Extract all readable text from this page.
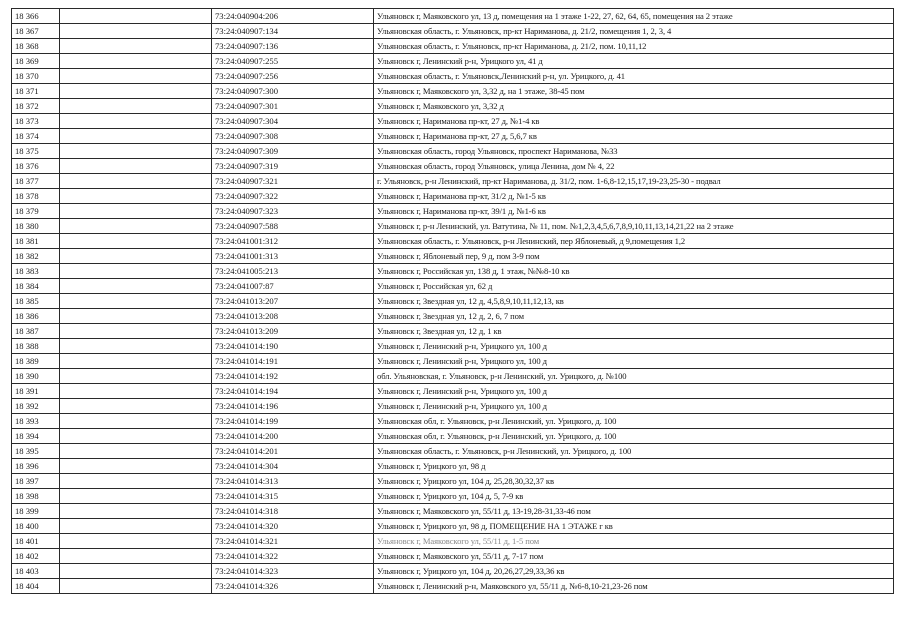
18 366		73:24:040904:206	Ульяновск г, Маяковского ул, 13 д, помещения на 1 этаже 1-22, 27, 62, 64, 65, помещения на 2 этаже
18 367		73:24:040907:134	Ульяновская область, г. Ульяновск, пр-кт Нариманова, д. 21/2, помещения 1, 2, 3, 4
18 368		73:24:040907:136	Ульяновская область, г. Ульяновск, пр-кт Нариманова, д. 21/2, пом. 10,11,12
18 369		73:24:040907:255	Ульяновск г, Ленинский р-н, Урицкого ул, 41 д
18 370		73:24:040907:256	Ульяновская область, г. Ульяновск,Ленинский р-н, ул. Урицкого, д. 41
18 371		73:24:040907:300	Ульяновск г, Маяковского ул, 3,32 д, на 1 этаже, 38-45 пом
18 372		73:24:040907:301	Ульяновск г, Маяковского ул, 3,32 д
18 373		73:24:040907:304	Ульяновск г, Нариманова пр-кт, 27 д, №1-4 кв
18 374		73:24:040907:308	Ульяновск г, Нариманова пр-кт, 27 д, 5,6,7 кв
18 375		73:24:040907:309	Ульяновская область, город Ульяновск, проспект Нариманова, №33
18 376		73:24:040907:319	Ульяновская область, город Ульяновск, улица Ленина, дом № 4, 22
18 377		73:24:040907:321	г. Ульяновск, р-н Ленинский, пр-кт Нариманова, д. 31/2, пом. 1-6,8-12,15,17,19-23,25-30 - подвал
18 378		73:24:040907:322	Ульяновск г, Нариманова пр-кт, 31/2 д, №1-5 кв
18 379		73:24:040907:323	Ульяновск г, Нариманова пр-кт, 39/1 д, №1-6 кв
18 380		73:24:040907:588	Ульяновск г, р-н Ленинский, ул. Ватутина, № 11, пом. №1,2,3,4,5,6,7,8,9,10,11,13,14,21,22 на 2 этаже
18 381		73:24:041001:312	Ульяновская область, г. Ульяновск, р-н Ленинский, пер Яблоневый, д 9,помещения 1,2
18 382		73:24:041001:313	Ульяновск г, Яблоневый пер, 9 д, пом 3-9 пом
18 383		73:24:041005:213	Ульяновск г, Российская ул, 138 д, 1 этаж, №№8-10 кв
18 384		73:24:041007:87	Ульяновск г, Российская ул, 62 д
18 385		73:24:041013:207	Ульяновск г, Звездная ул, 12 д, 4,5,8,9,10,11,12,13, кв
18 386		73:24:041013:208	Ульяновск г, Звездная ул, 12 д, 2, 6, 7 пом
18 387		73:24:041013:209	Ульяновск г, Звездная ул, 12 д, 1 кв
18 388		73:24:041014:190	Ульяновск г, Ленинский р-н, Урицкого ул, 100 д
18 389		73:24:041014:191	Ульяновск г, Ленинский р-н, Урицкого ул, 100 д
18 390		73:24:041014:192	обл. Ульяновская, г. Ульяновск, р-н Ленинский, ул. Урицкого, д. №100
18 391		73:24:041014:194	Ульяновск г, Ленинский р-н, Урицкого ул, 100 д
18 392		73:24:041014:196	Ульяновск г, Ленинский р-н, Урицкого ул, 100 д
18 393		73:24:041014:199	Ульяновская обл, г. Ульяновск, р-н Ленинский, ул. Урицкого, д. 100
18 394		73:24:041014:200	Ульяновская обл, г. Ульяновск, р-н Ленинский, ул. Урицкого, д. 100
18 395		73:24:041014:201	Ульяновская область, г. Ульяновск, р-н Ленинский, ул. Урицкого, д. 100
18 396		73:24:041014:304	Ульяновск г, Урицкого ул, 98 д
18 397		73:24:041014:313	Ульяновск г, Урицкого ул, 104 д, 25,28,30,32,37 кв
18 398		73:24:041014:315	Ульяновск г, Урицкого ул, 104 д, 5, 7-9 кв
18 399		73:24:041014:318	Ульяновск г, Маяковского ул, 55/11 д, 13-19,28-31,33-46 пом
18 400		73:24:041014:320	Ульяновск г, Урицкого ул, 98 д, ПОМЕЩЕНИЕ НА 1 ЭТАЖЕ г кв
18 401		73:24:041014:321	Ульяновск г, Маяковского ул, 55/11 д, 1-5 пом
18 402		73:24:041014:322	Ульяновск г, Маяковского ул, 55/11 д, 7-17 пом
18 403		73:24:041014:323	Ульяновск г, Урицкого ул, 104 д, 20,26,27,29,33,36 кв
18 404		73:24:041014:326	Ульяновск г, Ленинский р-н, Маяковского ул, 55/11 д, №6-8,10-21,23-26 пом
